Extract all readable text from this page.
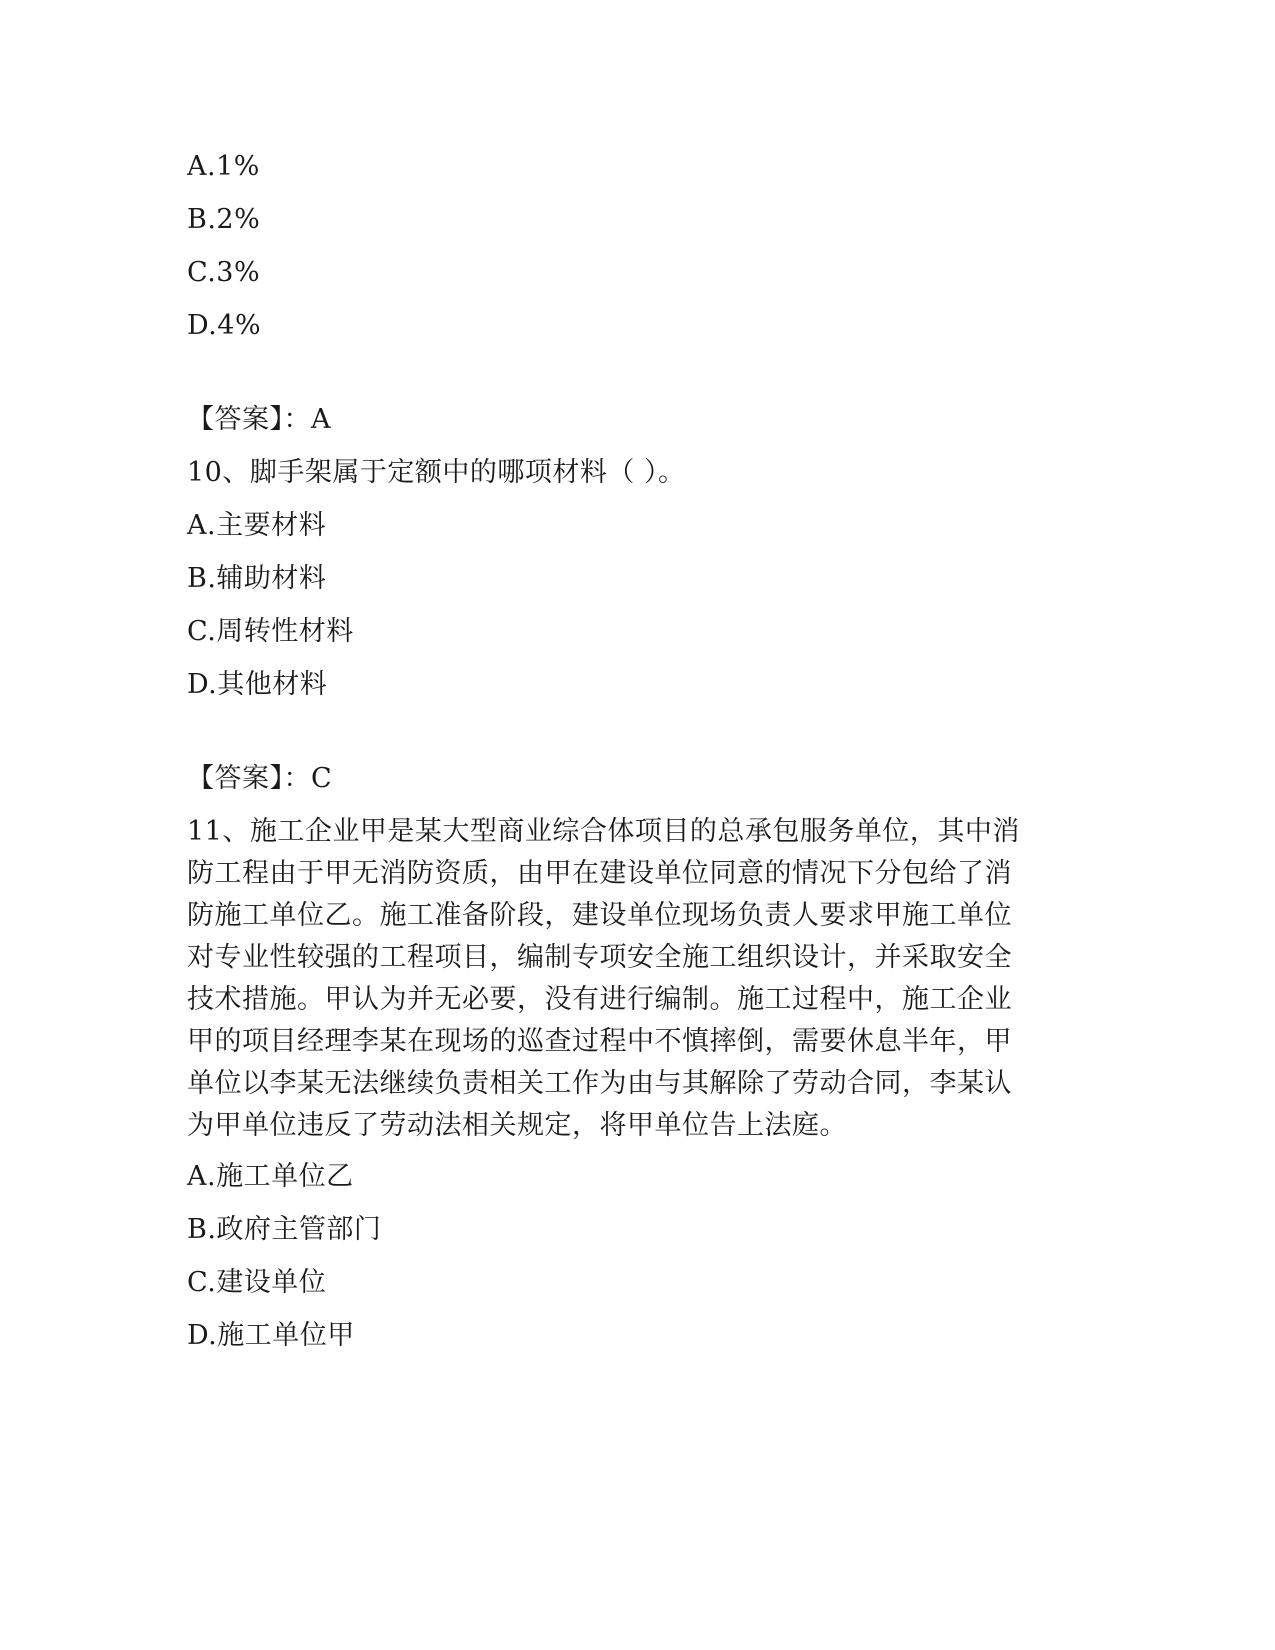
A.1%
B.2%
C.3%
D.4%
【答案】：A
10、脚手架属于定额中的哪项材料（ ）。
A.主要材料
B.辅助材料
C.周转性材料
D.其他材料
【答案】：C
11、施工企业甲是某大型商业综合体项目的总承包服务单位，其中消
防工程由于甲无消防资质，由甲在建设单位同意的情况下分包给了消
防施工单位乙。施工准备阶段，建设单位现场负责人要求甲施工单位
对专业性较强的工程项目，编制专项安全施工组织设计，并采取安全
技术措施。甲认为并无必要，没有进行编制。施工过程中，施工企业
甲的项目经理李某在现场的巡查过程中不慎摔倒，需要休息半年，甲
单位以李某无法继续负责相关工作为由与其解除了劳动合同，李某认
为甲单位违反了劳动法相关规定，将甲单位告上法庭。
A.施工单位乙
B.政府主管部门
C.建设单位
D.施工单位甲
